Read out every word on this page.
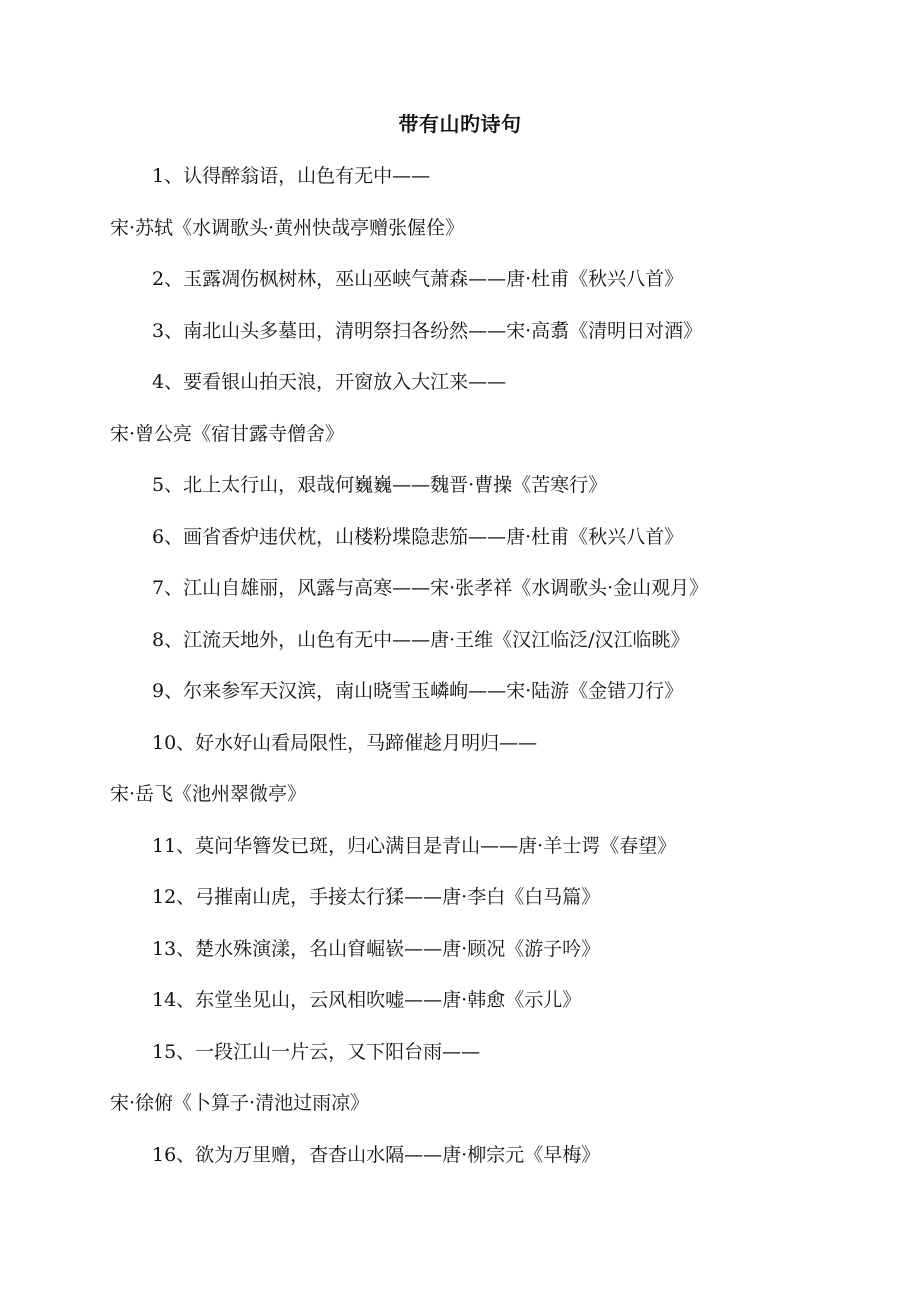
带有山旳诗句
1、认得醉翁语，山色有无中——
宋·苏轼《水调歌头·黄州快哉亭赠张偓佺》
2、玉露凋伤枫树林，巫山巫峡气萧森——唐·杜甫《秋兴八首》
3、南北山头多墓田，清明祭扫各纷然——宋·高翥《清明日对酒》
4、要看银山拍天浪，开窗放入大江来——
宋·曾公亮《宿甘露寺僧舍》
5、北上太行山，艰哉何巍巍——魏晋·曹操《苦寒行》
6、画省香炉违伏枕，山楼粉堞隐悲笳——唐·杜甫《秋兴八首》
7、江山自雄丽，风露与高寒——宋·张孝祥《水调歌头·金山观月》
8、江流天地外，山色有无中——唐·王维《汉江临泛/汉江临眺》
9、尔来参军天汉滨，南山晓雪玉嶙峋——宋·陆游《金错刀行》
10、好水好山看局限性，马蹄催趁月明归——
宋·岳飞《池州翠微亭》
11、莫问华簪发已斑，归心满目是青山——唐·羊士谔《春望》
12、弓摧南山虎，手接太行猱——唐·李白《白马篇》
13、楚水殊演漾，名山窅崛嵚——唐·顾况《游子吟》
14、东堂坐见山，云风相吹嘘——唐·韩愈《示儿》
15、一段江山一片云，又下阳台雨——
宋·徐俯《卜算子·清池过雨凉》
16、欲为万里赠，杳杳山水隔——唐·柳宗元《早梅》
